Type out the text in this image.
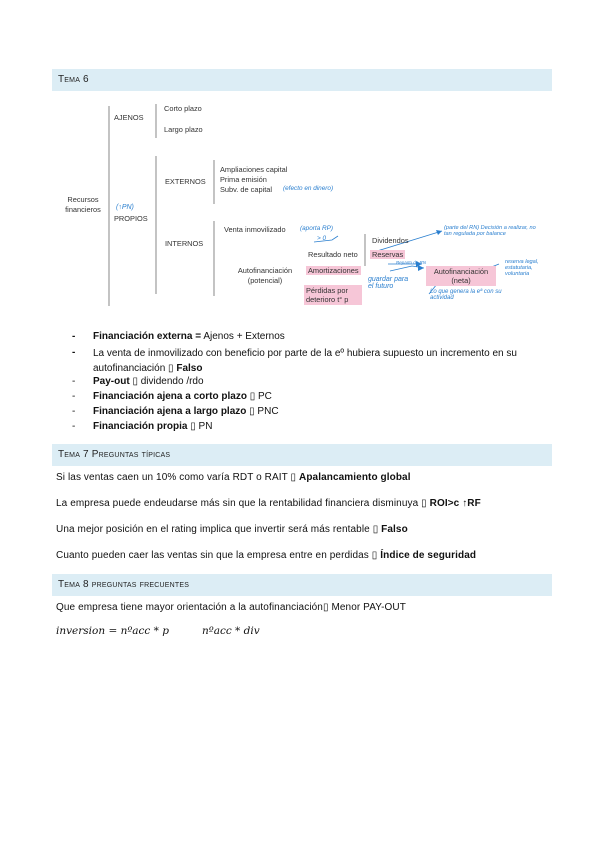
Tema 6
Recursos financieros
AJENOS
Corto plazo
Largo plazo
(↑PN)
PROPIOS
EXTERNOS
Ampliaciones capital
Prima emisión
Subv. de capital (efecto en dinero)
INTERNOS
Venta inmovilizado (aporta RP)
Autofinanciación (potencial)
> 0
Resultado neto
Dividendos
Reservas
Reparto de RN
Amortizaciones
guardar para el futuro
Pérdidas por deterioro t° p
Autofinanciación (neta)
(parte del RN) Decisión a realizar, no tan regulada por balance
reserva legal, estatutaria, voluntaria
Lo que genera la eª con su actividad
-	Financiación externa = Ajenos + Externos
-	La venta de inmovilizado con beneficio por parte de la eº hubiera supuesto un incremento en su autofinanciación ▯ Falso
-	Pay-out ▯ dividendo /rdo
-	Financiación ajena a corto plazo ▯ PC
-	Financiación ajena a largo plazo ▯ PNC
-	Financiación propia ▯ PN
Tema 7 Preguntas típicas
Si las ventas caen un 10% como varía RDT o RAIT ▯ Apalancamiento global
La empresa puede endeudarse más sin que la rentabilidad financiera disminuya ▯ ROI>c ↑RF
Una mejor posición en el rating implica que invertir será más rentable ▯ Falso
Cuanto pueden caer las ventas sin que la empresa entre en perdidas ▯ Índice de seguridad
Tema 8 preguntas frecuentes
Que empresa tiene mayor orientación a la autofinanciación▯ Menor PAY-OUT
inversion = nºacc * p	nºacc * div
